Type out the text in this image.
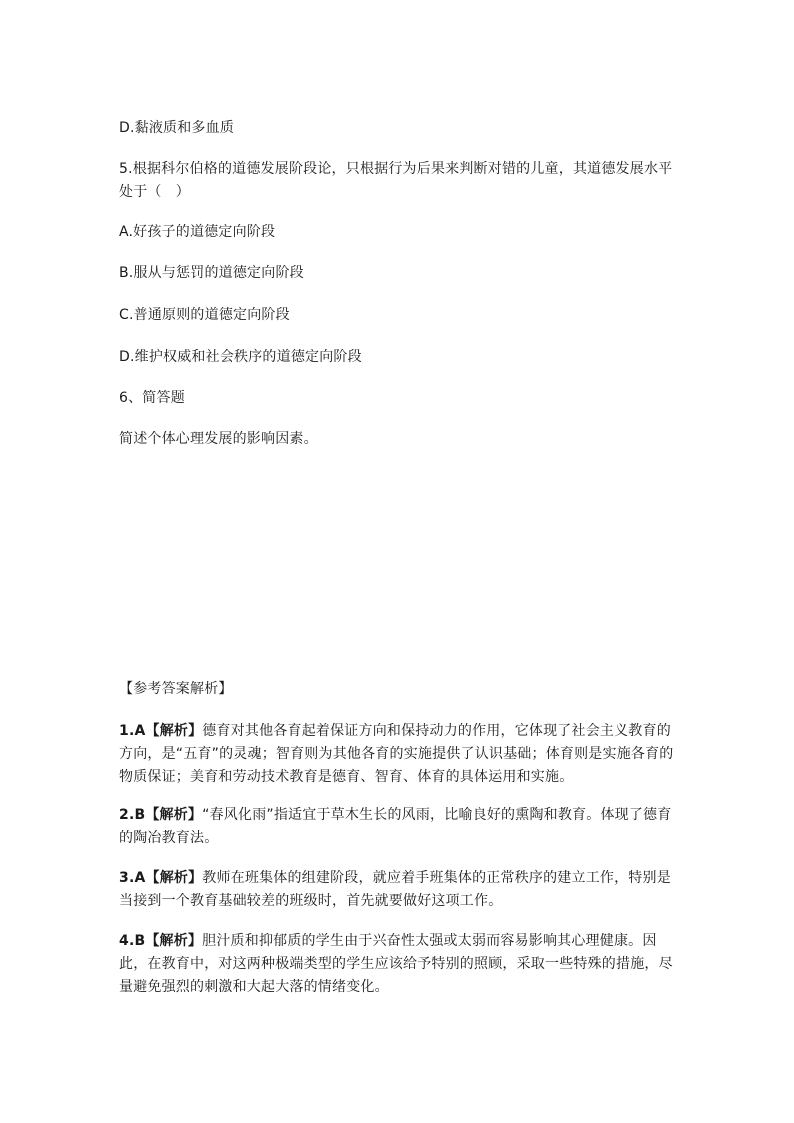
D.黏液质和多血质
5.根据科尔伯格的道德发展阶段论，只根据行为后果来判断对错的儿童，其道德发展水平处于（　）
A.好孩子的道德定向阶段
B.服从与惩罚的道德定向阶段
C.普通原则的道德定向阶段
D.维护权威和社会秩序的道德定向阶段
6、简答题
简述个体心理发展的影响因素。
【参考答案解析】
1.A【解析】德育对其他各育起着保证方向和保持动力的作用，它体现了社会主义教育的方向，是“五育”的灵魂；智育则为其他各育的实施提供了认识基础；体育则是实施各育的物质保证；美育和劳动技术教育是德育、智育、体育的具体运用和实施。
2.B【解析】“春风化雨”指适宜于草木生长的风雨，比喻良好的熏陶和教育。体现了德育的陶冶教育法。
3.A【解析】教师在班集体的组建阶段，就应着手班集体的正常秩序的建立工作，特别是当接到一个教育基础较差的班级时，首先就要做好这项工作。
4.B【解析】胆汁质和抑郁质的学生由于兴奋性太强或太弱而容易影响其心理健康。因此，在教育中，对这两种极端类型的学生应该给予特别的照顾，采取一些特殊的措施，尽量避免强烈的刺激和大起大落的情绪变化。
